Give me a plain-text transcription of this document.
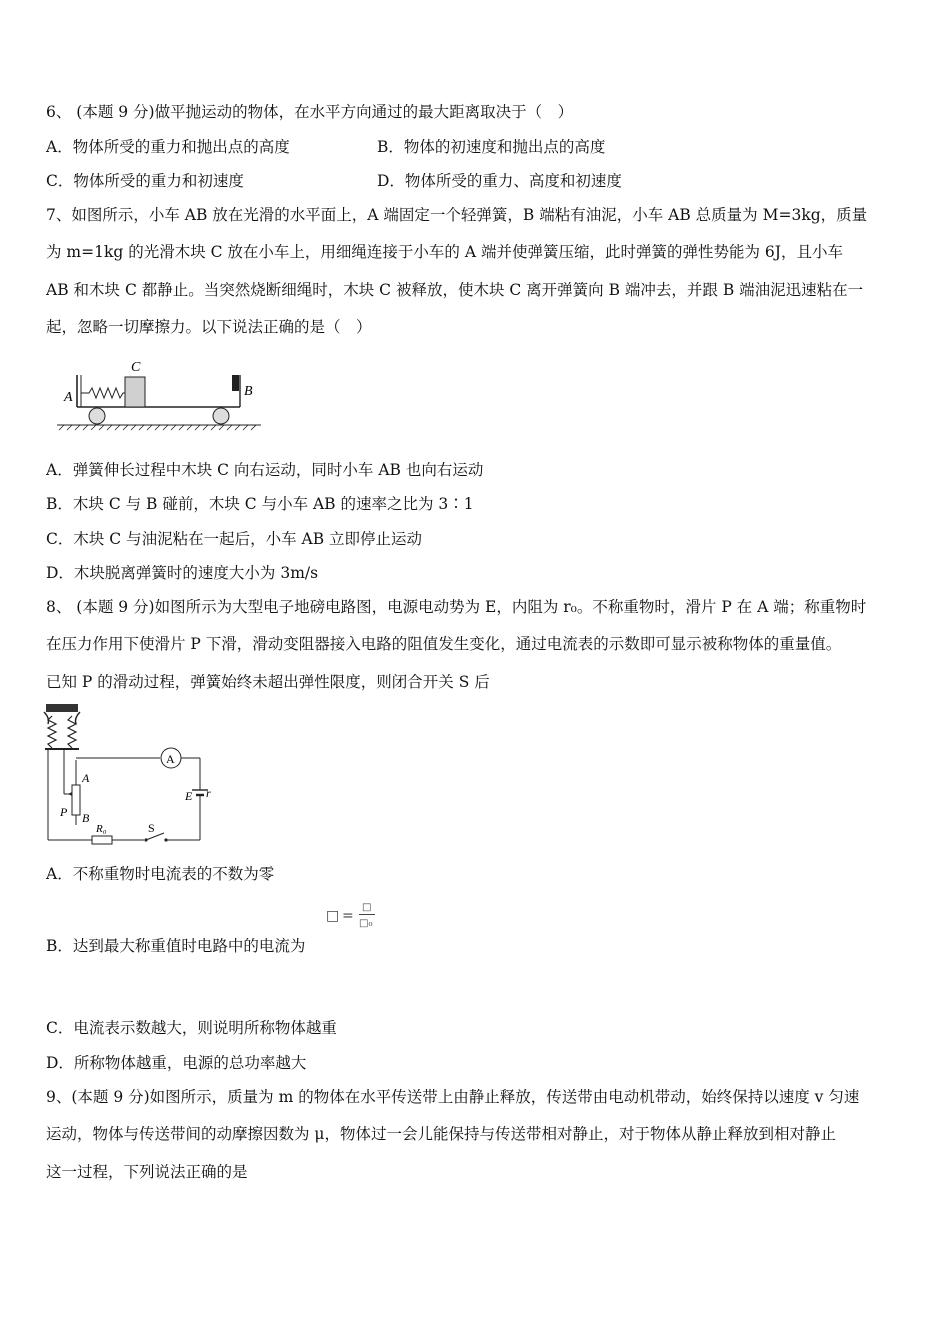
6、 (本题 9 分)做平抛运动的物体，在水平方向通过的最大距离取决于（　）
A．物体所受的重力和抛出点的高度	B．物体的初速度和抛出点的高度
C．物体所受的重力和初速度	D．物体所受的重力、高度和初速度
7、如图所示，小车 AB 放在光滑的水平面上，A 端固定一个轻弹簧，B 端粘有油泥，小车 AB 总质量为 M=3kg，质量
为 m=1kg 的光滑木块 C 放在小车上，用细绳连接于小车的 A 端并使弹簧压缩，此时弹簧的弹性势能为 6J，且小车
AB 和木块 C 都静止。当突然烧断细绳时，木块 C 被释放，使木块 C 离开弹簧向 B 端冲去，并跟 B 端油泥迅速粘在一
起，忽略一切摩擦力。以下说法正确的是（　）
A
C
B
A．弹簧伸长过程中木块 C 向右运动，同时小车 AB 也向右运动
B．木块 C 与 B 碰前，木块 C 与小车 AB 的速率之比为 3∶1
C．木块 C 与油泥粘在一起后，小车 AB 立即停止运动
D．木块脱离弹簧时的速度大小为 3m/s
8、 (本题 9 分)如图所示为大型电子地磅电路图，电源电动势为 E，内阻为 r₀。不称重物时，滑片 P 在 A 端；称重物时
在压力作用下使滑片 P 下滑，滑动变阻器接入电路的阻值发生变化，通过电流表的示数即可显示被称物体的重量值。
已知 P 的滑动过程，弹簧始终未超出弹性限度，则闭合开关 S 后
A
A
B
P
E r
R₀	S
A．不称重物时电流表的不数为零
□ =
□
□₀
B．达到最大称重值时电路中的电流为
C．电流表示数越大，则说明所称物体越重
D．所称物体越重，电源的总功率越大
9、(本题 9 分)如图所示，质量为 m 的物体在水平传送带上由静止释放，传送带由电动机带动，始终保持以速度 v 匀速
运动，物体与传送带间的动摩擦因数为 μ，物体过一会儿能保持与传送带相对静止，对于物体从静止释放到相对静止
这一过程，下列说法正确的是
